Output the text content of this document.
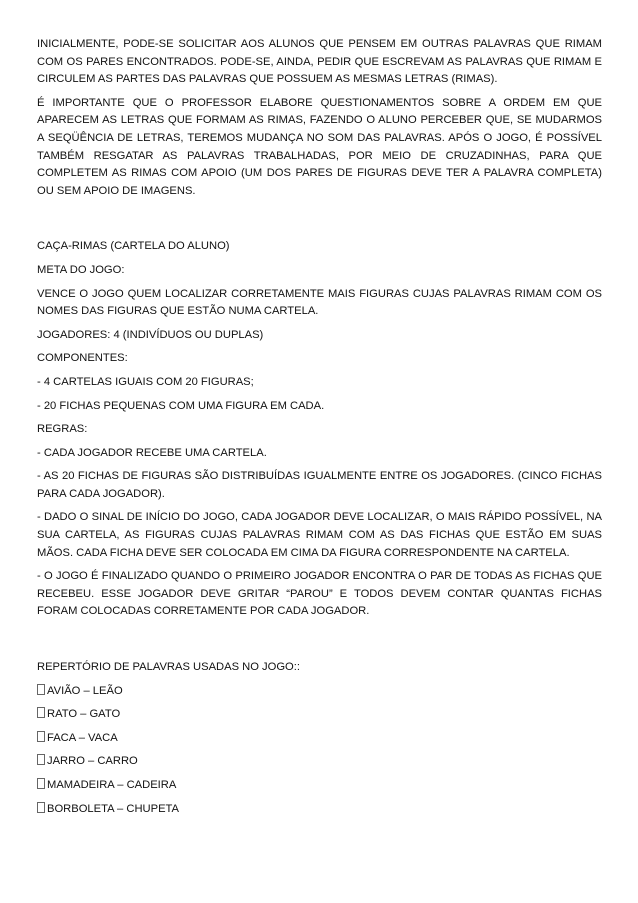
INICIALMENTE, PODE-SE SOLICITAR AOS ALUNOS QUE PENSEM EM OUTRAS PALAVRAS QUE RIMAM COM OS PARES ENCONTRADOS. PODE-SE, AINDA, PEDIR QUE ESCREVAM AS PALAVRAS QUE RIMAM E CIRCULEM AS PARTES DAS PALAVRAS QUE POSSUEM AS MESMAS LETRAS (RIMAS).

É IMPORTANTE QUE O PROFESSOR ELABORE QUESTIONAMENTOS SOBRE A ORDEM EM QUE APARECEM AS LETRAS QUE FORMAM AS RIMAS, FAZENDO O ALUNO PERCEBER QUE, SE MUDARMOS A SEQÜÊNCIA DE LETRAS, TEREMOS MUDANÇA NO SOM DAS PALAVRAS. APÓS O JOGO, É POSSÍVEL TAMBÉM RESGATAR AS PALAVRAS TRABALHADAS, POR MEIO DE CRUZADINHAS, PARA QUE COMPLETEM AS RIMAS COM APOIO (UM DOS PARES DE FIGURAS DEVE TER A PALAVRA COMPLETA) OU SEM APOIO DE IMAGENS.

CAÇA-RIMAS (CARTELA DO ALUNO)

META DO JOGO:

VENCE O JOGO QUEM LOCALIZAR CORRETAMENTE MAIS FIGURAS CUJAS PALAVRAS RIMAM COM OS NOMES DAS FIGURAS QUE ESTÃO NUMA CARTELA.

JOGADORES: 4 (INDIVÍDUOS OU DUPLAS)

COMPONENTES:

- 4 CARTELAS IGUAIS COM 20 FIGURAS;

- 20 FICHAS PEQUENAS COM UMA FIGURA EM CADA.

REGRAS:

- CADA JOGADOR RECEBE UMA CARTELA.

- AS 20 FICHAS DE FIGURAS SÃO DISTRIBUÍDAS IGUALMENTE ENTRE OS JOGADORES. (CINCO FICHAS PARA CADA JOGADOR).

- DADO O SINAL DE INÍCIO DO JOGO, CADA JOGADOR DEVE LOCALIZAR, O MAIS RÁPIDO POSSÍVEL, NA SUA CARTELA, AS FIGURAS CUJAS PALAVRAS RIMAM COM AS DAS FICHAS QUE ESTÃO EM SUAS MÃOS. CADA FICHA DEVE SER COLOCADA EM CIMA DA FIGURA CORRESPONDENTE NA CARTELA.

- O JOGO É FINALIZADO QUANDO O PRIMEIRO JOGADOR ENCONTRA O PAR DE TODAS AS FICHAS QUE RECEBEU. ESSE JOGADOR DEVE GRITAR “PAROU” E TODOS DEVEM CONTAR QUANTAS FICHAS FORAM COLOCADAS CORRETAMENTE POR CADA JOGADOR.

REPERTÓRIO DE PALAVRAS USADAS NO JOGO::

AVIÃO – LEÃO

RATO – GATO

FACA – VACA

JARRO – CARRO

MAMADEIRA – CADEIRA

BORBOLETA – CHUPETA
